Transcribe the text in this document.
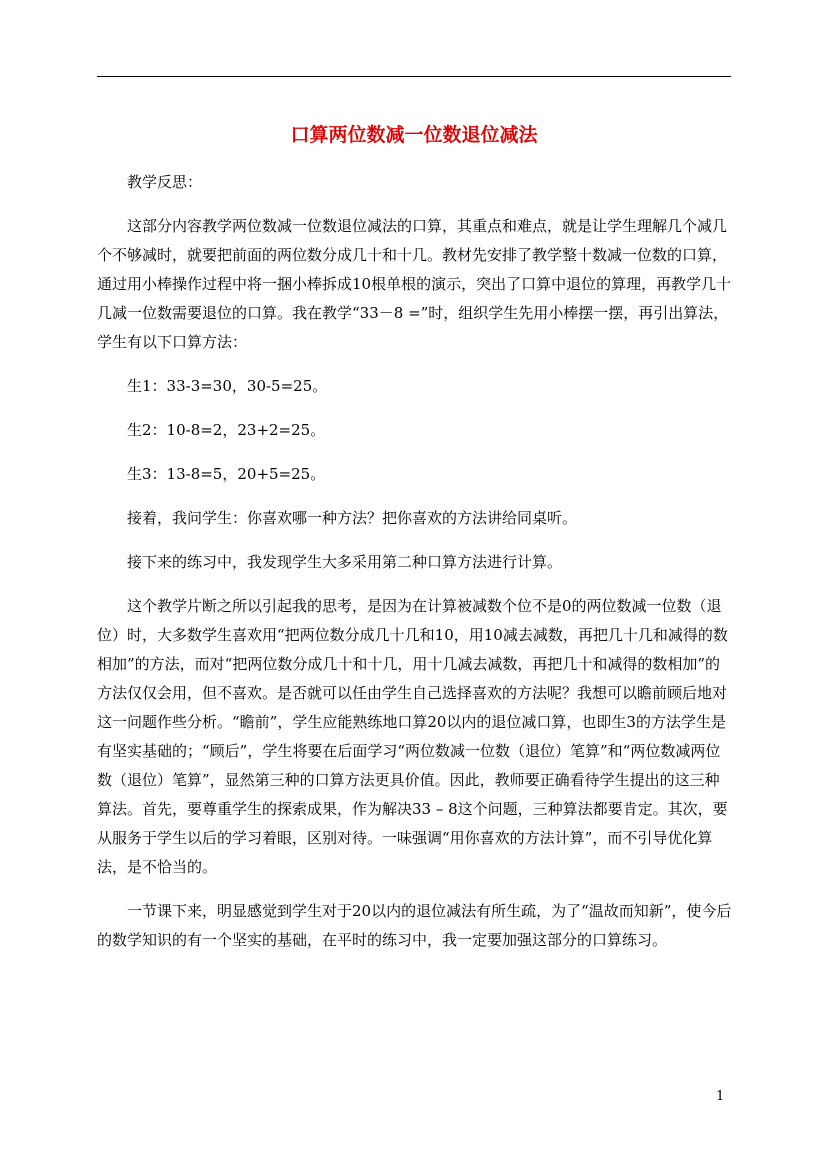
口算两位数减一位数退位减法

教学反思：

这部分内容教学两位数减一位数退位减法的口算，其重点和难点，就是让学生理解几个减几个不够减时，就要把前面的两位数分成几十和十几。教材先安排了教学整十数减一位数的口算，通过用小棒操作过程中将一捆小棒拆成10根单根的演示，突出了口算中退位的算理，再教学几十几减一位数需要退位的口算。我在教学“33－8 =”时，组织学生先用小棒摆一摆，再引出算法，学生有以下口算方法：

生1：33-3=30，30-5=25。

生2：10-8=2，23+2=25。

生3：13-8=5，20+5=25。

接着，我问学生：你喜欢哪一种方法？把你喜欢的方法讲给同桌听。

接下来的练习中，我发现学生大多采用第二种口算方法进行计算。

这个教学片断之所以引起我的思考，是因为在计算被减数个位不是0的两位数减一位数（退位）时，大多数学生喜欢用“把两位数分成几十几和10，用10减去减数，再把几十几和减得的数相加”的方法，而对“把两位数分成几十和十几，用十几减去减数，再把几十和减得的数相加”的方法仅仅会用，但不喜欢。是否就可以任由学生自己选择喜欢的方法呢？我想可以瞻前顾后地对这一问题作些分析。“瞻前”，学生应能熟练地口算20以内的退位减口算，也即生3的方法学生是有坚实基础的；“顾后”，学生将要在后面学习“两位数减一位数（退位）笔算”和“两位数减两位数（退位）笔算”，显然第三种的口算方法更具价值。因此，教师要正确看待学生提出的这三种算法。首先，要尊重学生的探索成果，作为解决33 – 8这个问题，三种算法都要肯定。其次，要从服务于学生以后的学习着眼，区别对待。一味强调“用你喜欢的方法计算”，而不引导优化算法，是不恰当的。

一节课下来，明显感觉到学生对于20以内的退位减法有所生疏，为了“温故而知新”，使今后的数学知识的有一个坚实的基础，在平时的练习中，我一定要加强这部分的口算练习。

1
